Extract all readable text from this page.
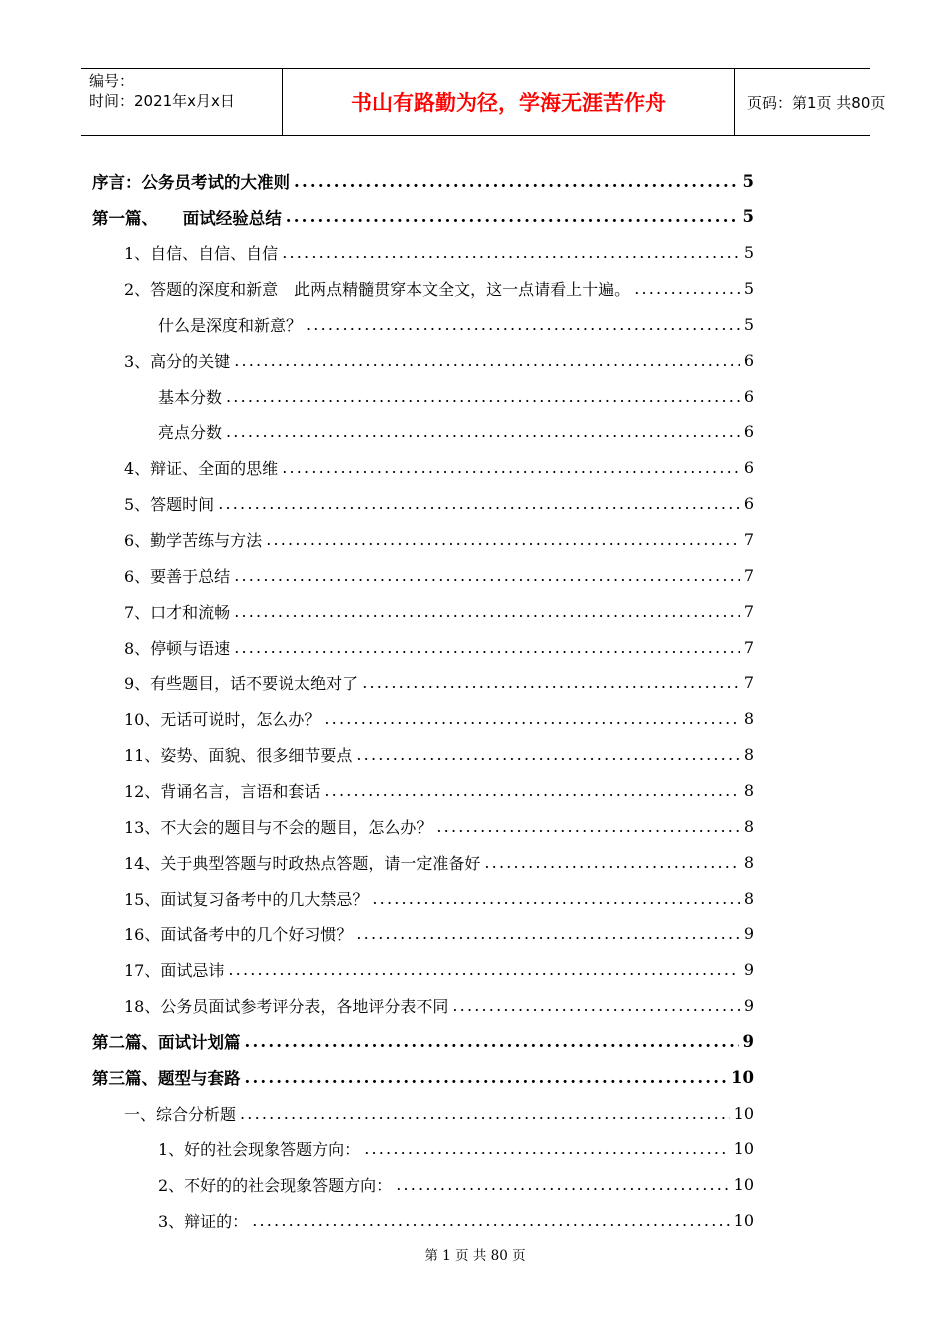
编号：
时间：2021年x月x日	书山有路勤为径，学海无涯苦作舟	页码：第1页 共80页
序言：公务员考试的大准则 .....	5
第一篇、　　面试经验总结 .....	5
1、自信、自信、自信 .....	5
2、答题的深度和新意　此两点精髓贯穿本文全文，这一点请看上十遍。 .....	5
什么是深度和新意？ .....	5
3、高分的关键 .....	6
基本分数 .....	6
亮点分数 .....	6
4、辩证、全面的思维 .....	6
5、答题时间 .....	6
6、勤学苦练与方法 .....	7
6、要善于总结 .....	7
7、口才和流畅 .....	7
8、停顿与语速 .....	7
9、有些题目，话不要说太绝对了 .....	7
10、无话可说时，怎么办？ .....	8
11、姿势、面貌、很多细节要点 .....	8
12、背诵名言，言语和套话 .....	8
13、不大会的题目与不会的题目，怎么办？ .....	8
14、关于典型答题与时政热点答题，请一定准备好 .....	8
15、面试复习备考中的几大禁忌？ .....	8
16、面试备考中的几个好习惯？ .....	9
17、面试忌讳 .....	9
18、公务员面试参考评分表，各地评分表不同 .....	9
第二篇、面试计划篇 .....	9
第三篇、题型与套路 .....	10
一、综合分析题 .....	10
1、好的社会现象答题方向： .....	10
2、不好的的社会现象答题方向： .....	10
3、辩证的： .....	10
第 1 页 共 80 页
